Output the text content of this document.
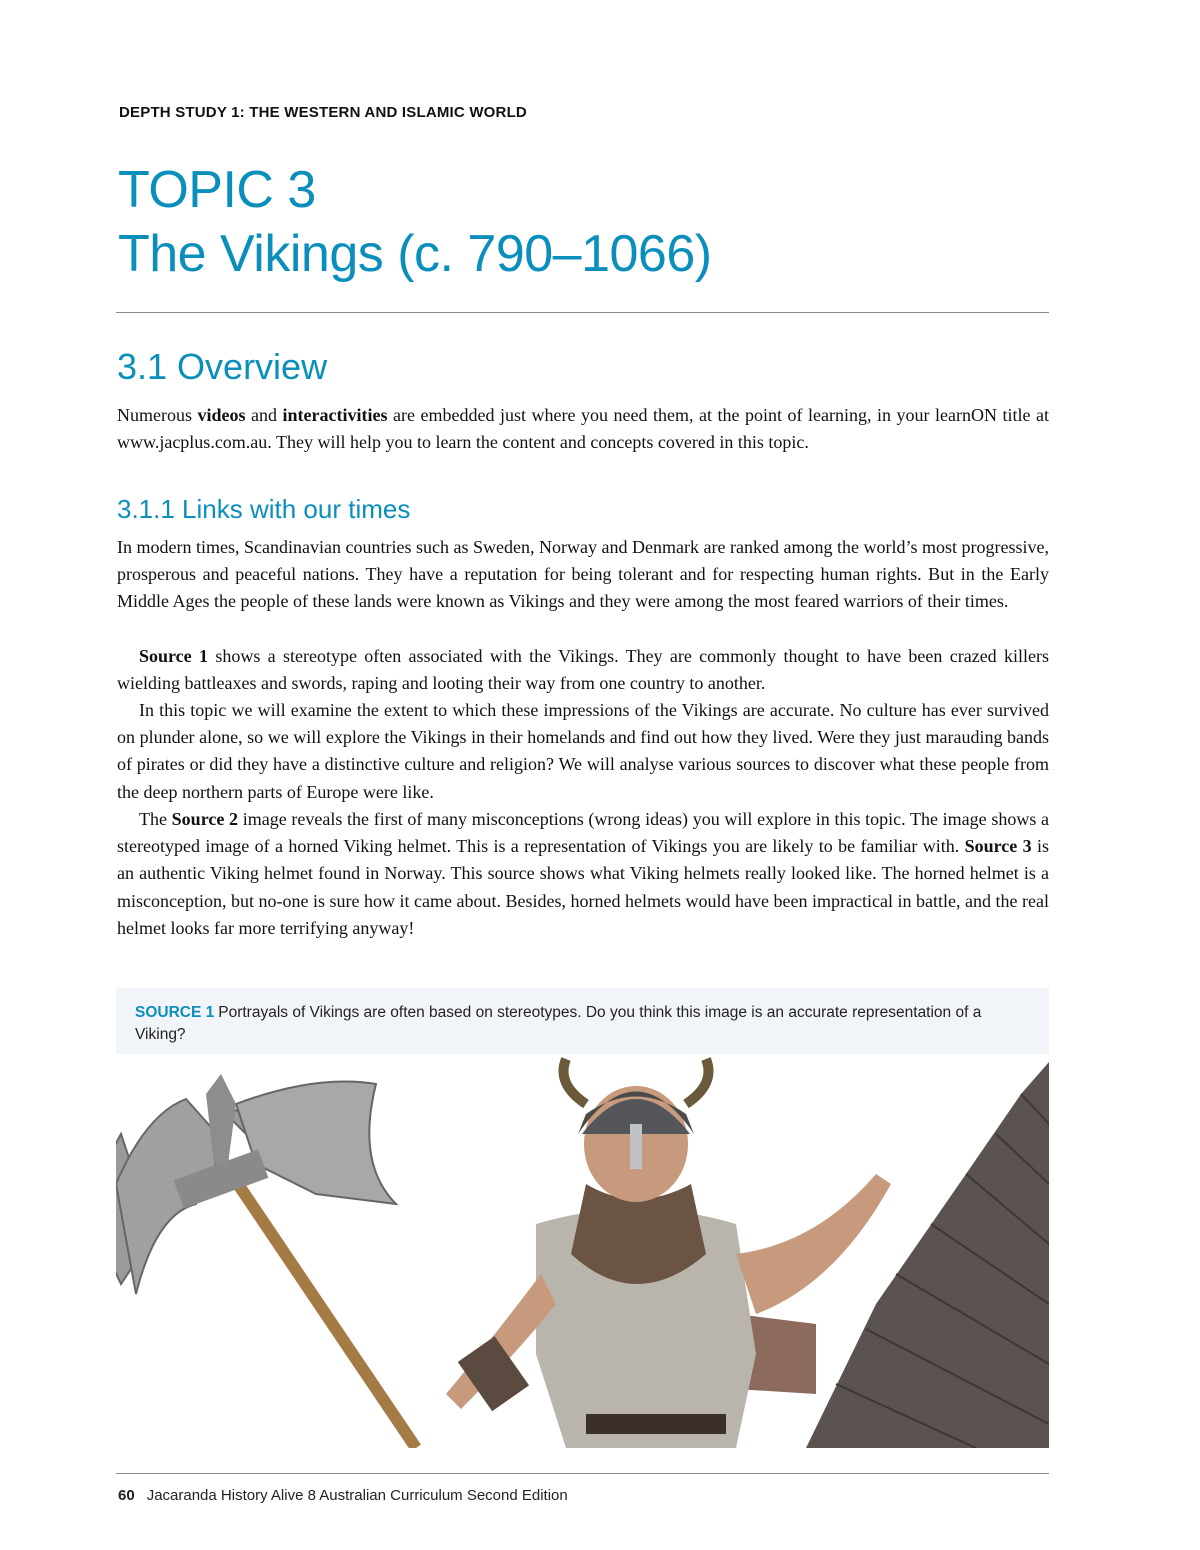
DEPTH STUDY 1: THE WESTERN AND ISLAMIC WORLD
TOPIC 3
The Vikings (c. 790–1066)
3.1 Overview

Numerous videos and interactivities are embedded just where you need them, at the point of learning, in your learnON title at www.jacplus.com.au. They will help you to learn the content and concepts covered in this topic.

3.1.1 Links with our times

In modern times, Scandinavian countries such as Sweden, Norway and Denmark are ranked among the world’s most progressive, prosperous and peaceful nations. They have a reputation for being tolerant and for respecting human rights. But in the Early Middle Ages the people of these lands were known as Vikings and they were among the most feared warriors of their times.

Source 1 shows a stereotype often associated with the Vikings. They are commonly thought to have been crazed killers wielding battleaxes and swords, raping and looting their way from one country to another.

In this topic we will examine the extent to which these impressions of the Vikings are accurate. No culture has ever survived on plunder alone, so we will explore the Vikings in their homelands and find out how they lived. Were they just marauding bands of pirates or did they have a distinctive culture and religion? We will analyse various sources to discover what these people from the deep northern parts of Europe were like.

The Source 2 image reveals the first of many misconceptions (wrong ideas) you will explore in this topic. The image shows a stereotyped image of a horned Viking helmet. This is a representation of Vikings you are likely to be familiar with. Source 3 is an authentic Viking helmet found in Norway. This source shows what Viking helmets really looked like. The horned helmet is a misconception, but no-one is sure how it came about. Besides, horned helmets would have been impractical in battle, and the real helmet looks far more terrifying anyway!

SOURCE 1 Portrayals of Vikings are often based on stereotypes. Do you think this image is an accurate representation of a Viking?
60 Jacaranda History Alive 8 Australian Curriculum Second Edition
